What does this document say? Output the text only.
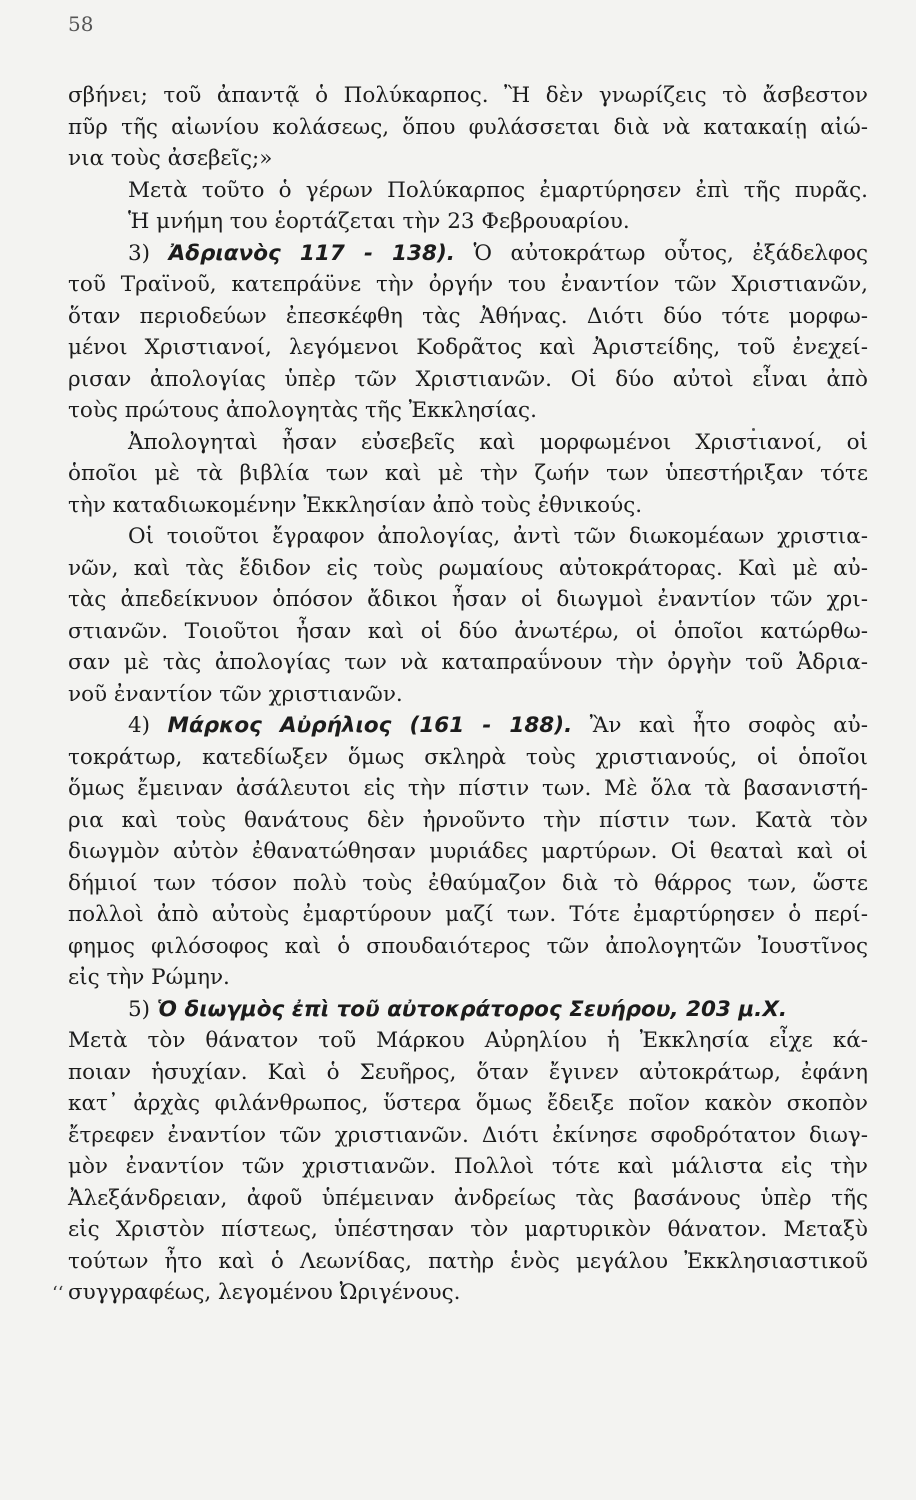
58
‘‘
σβήνει; τοῦ ἀπαντᾷ ὁ Πολύκαρπος. Ἢ δὲν γνωρίζεις τὸ ἄσβεστον
πῦρ τῆς αἰωνίου κολάσεως, ὅπου φυλάσσεται διὰ νὰ κατακαίῃ αἰώ-
νια τοὺς ἀσεβεῖς;»
Μετὰ τοῦτο ὁ γέρων Πολύκαρπος ἐμαρτύρησεν ἐπὶ τῆς πυρᾶς.
Ἡ μνήμη του ἑορτάζεται τὴν 23 Φεβρουαρίου.
3) Ἀδριανὸς 117 - 138). Ὁ αὐτοκράτωρ οὗτος, ἐξάδελφος
τοῦ Τραϊνοῦ, κατεπράϋνε τὴν ὀργήν του ἐναντίον τῶν Χριστιανῶν,
ὅταν περιοδεύων ἐπεσκέφθη τὰς Ἀθήνας. Διότι δύο τότε μορφω-
μένοι Χριστιανοί, λεγόμενοι Κοδρᾶτος καὶ Ἀριστείδης, τοῦ ἐνεχεί-
ρισαν ἀπολογίας ὑπὲρ τῶν Χριστιανῶν. Οἱ δύο αὐτοὶ εἶναι ἀπὸ
τοὺς πρώτους ἀπολογητὰς τῆς Ἐκκλησίας.
Ἀπολογηταὶ ἦσαν εὐσεβεῖς καὶ μορφωμένοι Χριστιανοί, οἱ
ὁποῖοι μὲ τὰ βιβλία των καὶ μὲ τὴν ζωήν των ὑπεστήριξαν τότε
τὴν καταδιωκομένην Ἐκκλησίαν ἀπὸ τοὺς ἐθνικούς.
Οἱ τοιοῦτοι ἔγραφον ἀπολογίας, ἀντὶ τῶν διωκομέαων χριστια-
νῶν, καὶ τὰς ἔδιδον εἰς τοὺς ρωμαίους αὐτοκράτορας. Καὶ μὲ αὐ-
τὰς ἀπεδείκνυον ὁπόσον ἄδικοι ἦσαν οἱ διωγμοὶ ἐναντίον τῶν χρι-
στιανῶν. Τοιοῦτοι ἦσαν καὶ οἱ δύο ἀνωτέρω, οἱ ὁποῖοι κατώρθω-
σαν μὲ τὰς ἀπολογίας των νὰ καταπραΰνουν τὴν ὀργὴν τοῦ Ἀδρια-
νοῦ ἐναντίον τῶν χριστιανῶν.
4) Μάρκος Αὐρήλιος (161 - 188). Ἂν καὶ ἦτο σοφὸς αὐ-
τοκράτωρ, κατεδίωξεν ὅμως σκληρὰ τοὺς χριστιανούς, οἱ ὁποῖοι
ὅμως ἔμειναν ἀσάλευτοι εἰς τὴν πίστιν των. Μὲ ὅλα τὰ βασανιστή-
ρια καὶ τοὺς θανάτους δὲν ἠρνοῦντο τὴν πίστιν των. Κατὰ τὸν
διωγμὸν αὐτὸν ἐθανατώθησαν μυριάδες μαρτύρων. Οἱ θεαταὶ καὶ οἱ
δήμιοί των τόσον πολὺ τοὺς ἐθαύμαζον διὰ τὸ θάρρος των, ὥστε
πολλοὶ ἀπὸ αὐτοὺς ἐμαρτύρουν μαζί των. Τότε ἐμαρτύρησεν ὁ περί-
φημος φιλόσοφος καὶ ὁ σπουδαιότερος τῶν ἀπολογητῶν Ἰουστῖνος
εἰς τὴν Ρώμην.
5) Ὁ διωγμὸς ἐπὶ τοῦ αὐτοκράτορος Σευήρου, 203 μ.Χ.
Μετὰ τὸν θάνατον τοῦ Μάρκου Αὐρηλίου ἡ Ἐκκλησία εἶχε κά-
ποιαν ἡσυχίαν. Καὶ ὁ Σευῆρος, ὅταν ἔγινεν αὐτοκράτωρ, ἐφάνη
κατ᾿ ἀρχὰς φιλάνθρωπος, ὕστερα ὅμως ἔδειξε ποῖον κακὸν σκοπὸν
ἔτρεφεν ἐναντίον τῶν χριστιανῶν. Διότι ἐκίνησε σφοδρότατον διωγ-
μὸν ἐναντίον τῶν χριστιανῶν. Πολλοὶ τότε καὶ μάλιστα εἰς τὴν
Ἀλεξάνδρειαν, ἀφοῦ ὑπέμειναν ἀνδρείως τὰς βασάνους ὑπὲρ τῆς
εἰς Χριστὸν πίστεως, ὑπέστησαν τὸν μαρτυρικὸν θάνατον. Μεταξὺ
τούτων ἦτο καὶ ὁ Λεωνίδας, πατὴρ ἑνὸς μεγάλου Ἐκκλησιαστικοῦ
συγγραφέως, λεγομένου Ὠριγένους.
